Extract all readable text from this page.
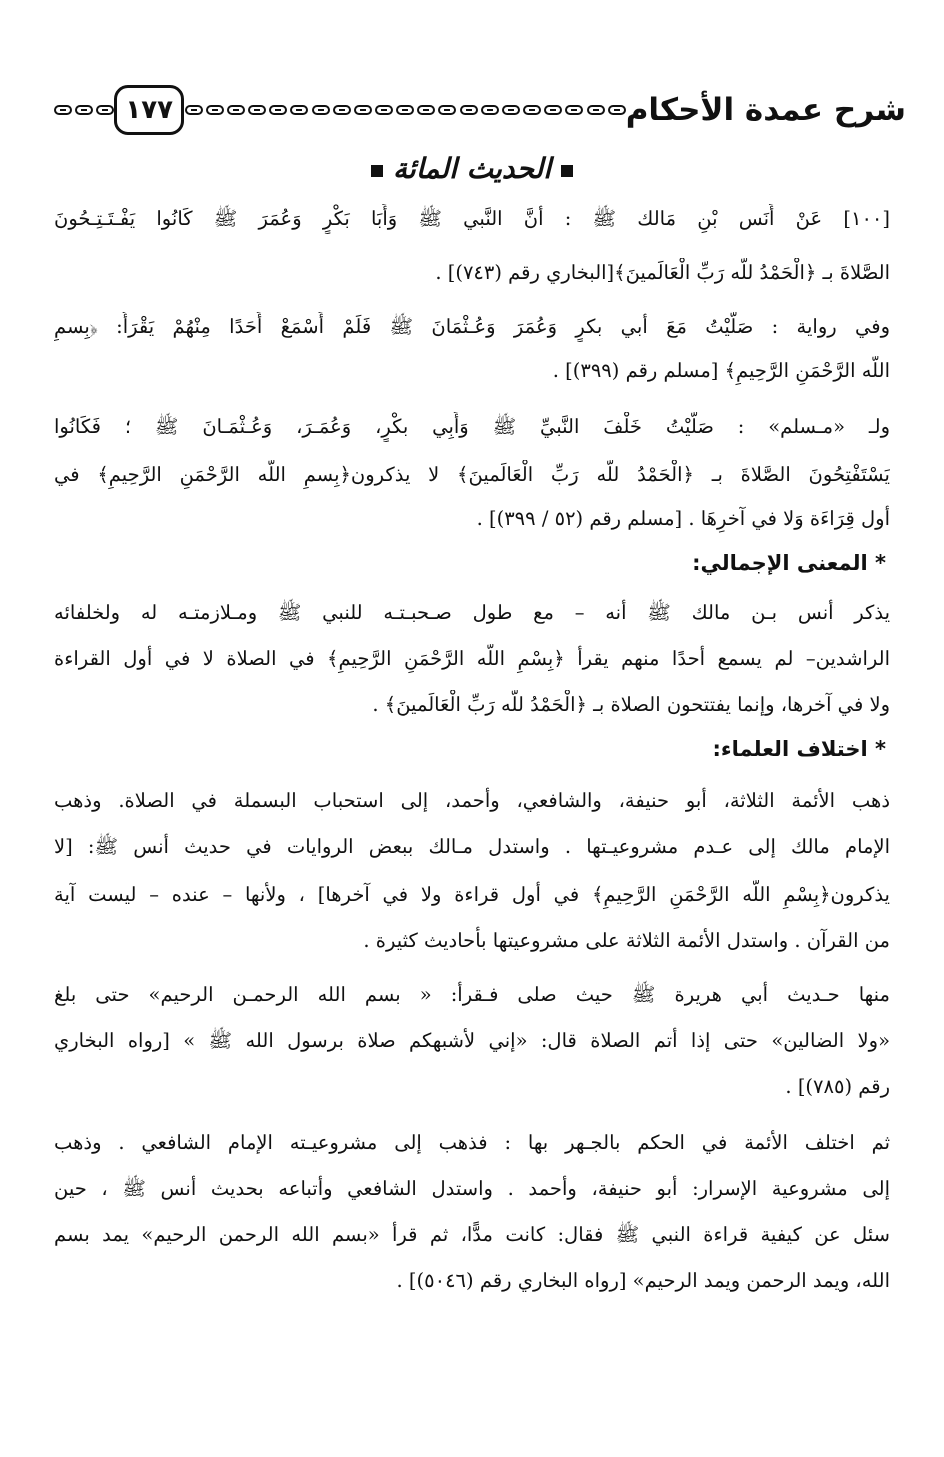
شرح عمدة الأحكام
١٧٧
الحديث المائة
[١٠٠] عَنْ أَنَس بْنِ مَالك ﷺ : أنَّ النَّبي ﷺ وَأَبَا بَكْرٍ وَعُمَرَ ﷺ كَانُوا يَفْـتَـتِـحُونَ
الصَّلاةَ بـ ﴿الْحَمْدُ للَّه رَبِّ الْعَالَمينَ﴾[البخاري رقم (٧٤٣)] .
وفي رواية : صَلَّيْتُ مَعَ أبي بكرٍ وَعُمَرَ وَعُـثْمَانَ ﷺ فَلَمْ أَسْمَعْ أَحَدًا مِنْهُمْ يَقْرَأُ: ﴿بِسمِ
اللَّه الرَّحْمَنِ الرَّحِيمِ﴾ [مسلم رقم (٣٩٩)] .
ولـ «مـسلم» : صَلَّيْتُ خَلْفَ النَّبيِّ ﷺ وَأَبِي بكْرٍ، وَعُمَـرَ، وَعُـثْمَـانَ ﷺ ؛ فَكَانُوا
يَسْتَفْتِحُونَ الصَّلاةَ بـ ﴿الْحَمْدُ للَّه رَبِّ الْعَالَمينَ﴾ لا يذكرون﴿بِسمِ اللَّه الرَّحْمَنِ الرَّحِيمِ﴾ في
أول قِرَاءَة وَلا في آخرِهَا . [مسلم رقم (٥٢ / ٣٩٩)] .
* المعنى الإجمالي:
يذكر أنس بـن مالك ﷺ أنه – مع طول صـحبـتـه للنبي ﷺ ومـلازمتـه له ولخلفائه
الراشدين– لم يسمع أحدًا منهم يقرأ ﴿بِسْمِ اللَّه الرَّحْمَنِ الرَّحِيمِ﴾ في الصلاة لا في أول القراءة
ولا في آخرها، وإنما يفتتحون الصلاة بـ ﴿الْحَمْدُ للَّه رَبِّ الْعَالَمينَ﴾ .
* اختلاف العلماء:
ذهب الأئمة الثلاثة، أبو حنيفة، والشافعي، وأحمد، إلى استحباب البسملة في الصلاة. وذهب
الإمام مالك إلى عـدم مشروعيـتها . واستدل مـالك ببعض الروايات في حديث أنس ﷺ: [لا
يذكرون﴿بِسْمِ اللَّه الرَّحْمَنِ الرَّحِيمِ﴾ في أول قراءة ولا في آخرها] ، ولأنها – عنده – ليست آية
من القرآن . واستدل الأئمة الثلاثة على مشروعيتها بأحاديث كثيرة .
منها حـديث أبي هريرة ﷺ حيث صلى فـقرأ: « بسم الله الرحمـن الرحيم» حتى بلغ
«ولا الضالين» حتى إذا أتم الصلاة قال: «إني لأشبهكم صلاة برسول الله ﷺ » [رواه البخاري
رقم (٧٨٥)] .
ثم اختلف الأئمة في الحكم بالجـهر بها : فذهب إلى مشروعيـته الإمام الشافعي . وذهب
إلى مشروعية الإسرار: أبو حنيفة، وأحمد . واستدل الشافعي وأتباعه بحديث أنس ﷺ ، حين
سئل عن كيفية قراءة النبي ﷺ فقال: كانت مدًّا، ثم قرأ «بسم الله الرحمن الرحيم» يمد بسم
الله، ويمد الرحمن ويمد الرحيم» [رواه البخاري رقم (٥٠٤٦)] .
